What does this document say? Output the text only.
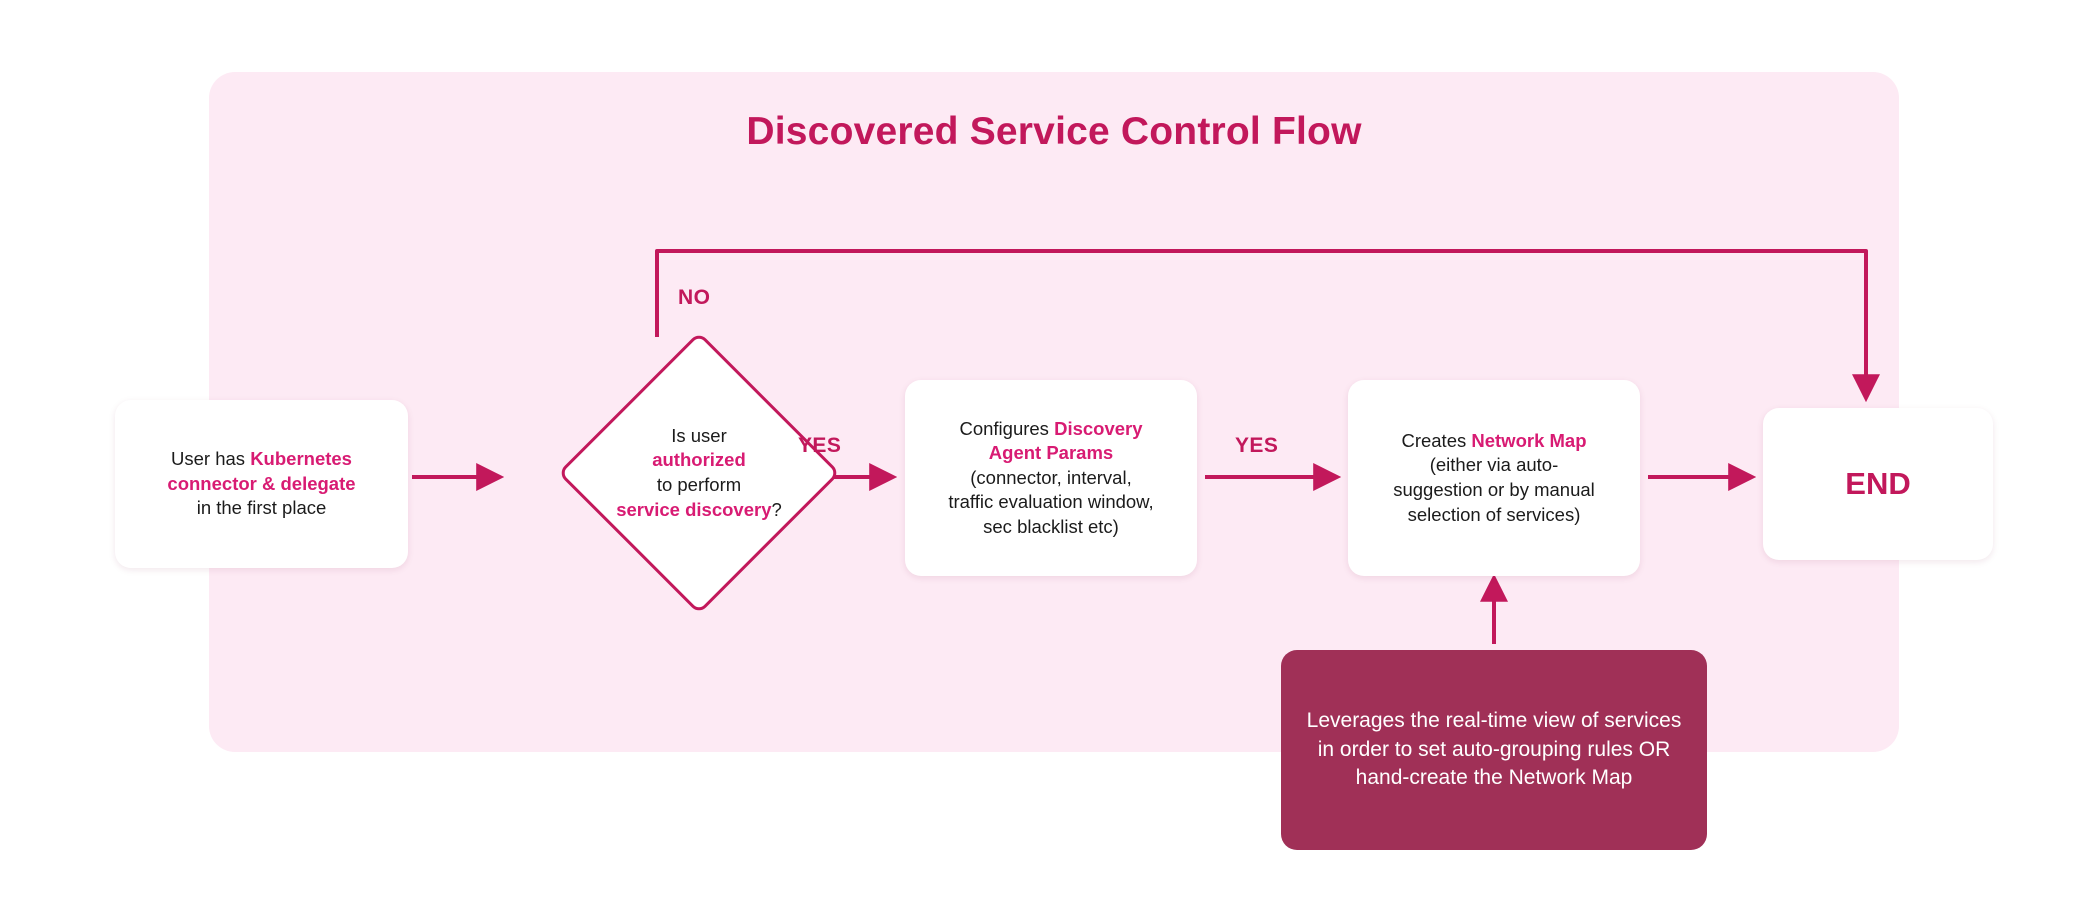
Discovered Service Control Flow
User has Kubernetes
connector & delegate
in the first place
Is user
authorized
to perform
service discovery?
Configures Discovery
Agent Params
(connector, interval,
traffic evaluation window,
sec blacklist etc)
Creates Network Map
(either via auto-
suggestion or by manual
selection of services)
END
Leverages the real-time view of services in order to set auto-grouping rules OR hand-create the Network Map
NO
YES	YES
